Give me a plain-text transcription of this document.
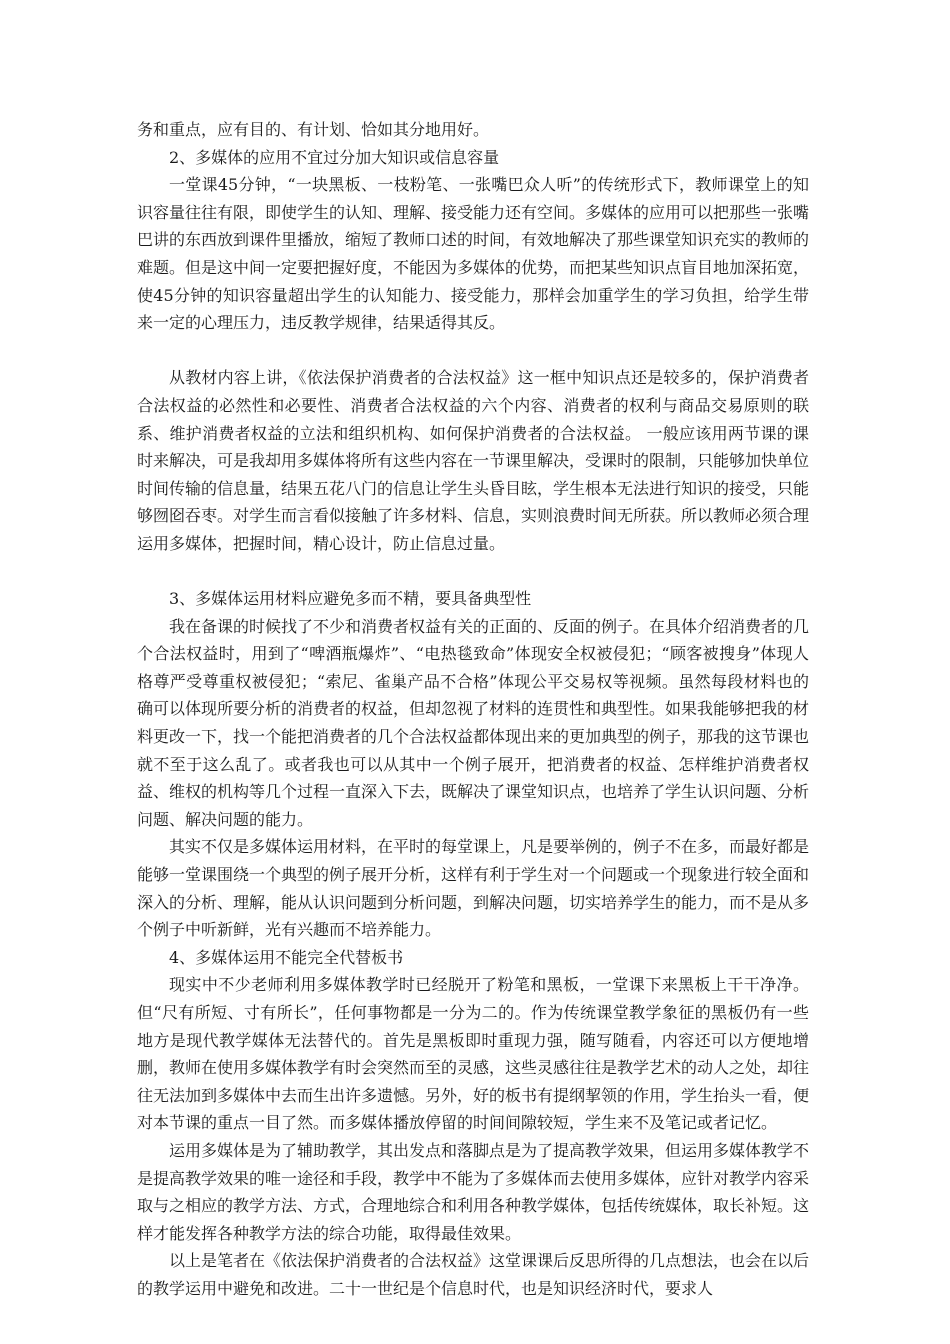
务和重点，应有目的、有计划、恰如其分地用好。

2、多媒体的应用不宜过分加大知识或信息容量

一堂课45分钟，“一块黑板、一枝粉笔、一张嘴巴众人听”的传统形式下，教师课堂上的知识容量往往有限，即使学生的认知、理解、接受能力还有空间。多媒体的应用可以把那些一张嘴巴讲的东西放到课件里播放，缩短了教师口述的时间，有效地解决了那些课堂知识充实的教师的难题。但是这中间一定要把握好度，不能因为多媒体的优势，而把某些知识点盲目地加深拓宽，使45分钟的知识容量超出学生的认知能力、接受能力，那样会加重学生的学习负担，给学生带来一定的心理压力，违反教学规律，结果适得其反。

从教材内容上讲，《依法保护消费者的合法权益》这一框中知识点还是较多的，保护消费者合法权益的必然性和必要性、消费者合法权益的六个内容、消费者的权利与商品交易原则的联系、维护消费者权益的立法和组织机构、如何保护消费者的合法权益。 一般应该用两节课的课时来解决，可是我却用多媒体将所有这些内容在一节课里解决，受课时的限制，只能够加快单位时间传输的信息量，结果五花八门的信息让学生头昏目眩，学生根本无法进行知识的接受，只能够囫囵吞枣。对学生而言看似接触了许多材料、信息，实则浪费时间无所获。所以教师必须合理运用多媒体，把握时间，精心设计，防止信息过量。

3、多媒体运用材料应避免多而不精，要具备典型性

我在备课的时候找了不少和消费者权益有关的正面的、反面的例子。在具体介绍消费者的几个合法权益时，用到了“啤酒瓶爆炸”、“电热毯致命”体现安全权被侵犯；“顾客被搜身”体现人格尊严受尊重权被侵犯；“索尼、雀巢产品不合格”体现公平交易权等视频。虽然每段材料也的确可以体现所要分析的消费者的权益，但却忽视了材料的连贯性和典型性。如果我能够把我的材料更改一下，找一个能把消费者的几个合法权益都体现出来的更加典型的例子，那我的这节课也就不至于这么乱了。或者我也可以从其中一个例子展开，把消费者的权益、怎样维护消费者权益、维权的机构等几个过程一直深入下去，既解决了课堂知识点，也培养了学生认识问题、分析问题、解决问题的能力。

其实不仅是多媒体运用材料，在平时的每堂课上，凡是要举例的，例子不在多，而最好都是能够一堂课围绕一个典型的例子展开分析，这样有利于学生对一个问题或一个现象进行较全面和深入的分析、理解，能从认识问题到分析问题，到解决问题，切实培养学生的能力，而不是从多个例子中听新鲜，光有兴趣而不培养能力。

4、多媒体运用不能完全代替板书

现实中不少老师利用多媒体教学时已经脱开了粉笔和黑板，一堂课下来黑板上干干净净。但“尺有所短、寸有所长”，任何事物都是一分为二的。作为传统课堂教学象征的黑板仍有一些地方是现代教学媒体无法替代的。首先是黑板即时重现力强，随写随看，内容还可以方便地增删，教师在使用多媒体教学有时会突然而至的灵感，这些灵感往往是教学艺术的动人之处，却往往无法加到多媒体中去而生出许多遗憾。另外，好的板书有提纲挈领的作用，学生抬头一看，便对本节课的重点一目了然。而多媒体播放停留的时间间隙较短，学生来不及笔记或者记忆。

运用多媒体是为了辅助教学，其出发点和落脚点是为了提高教学效果，但运用多媒体教学不是提高教学效果的唯一途径和手段，教学中不能为了多媒体而去使用多媒体，应针对教学内容采取与之相应的教学方法、方式，合理地综合和利用各种教学媒体，包括传统媒体，取长补短。这样才能发挥各种教学方法的综合功能，取得最佳效果。

以上是笔者在《依法保护消费者的合法权益》这堂课课后反思所得的几点想法，也会在以后的教学运用中避免和改进。二十一世纪是个信息时代，也是知识经济时代，要求人
